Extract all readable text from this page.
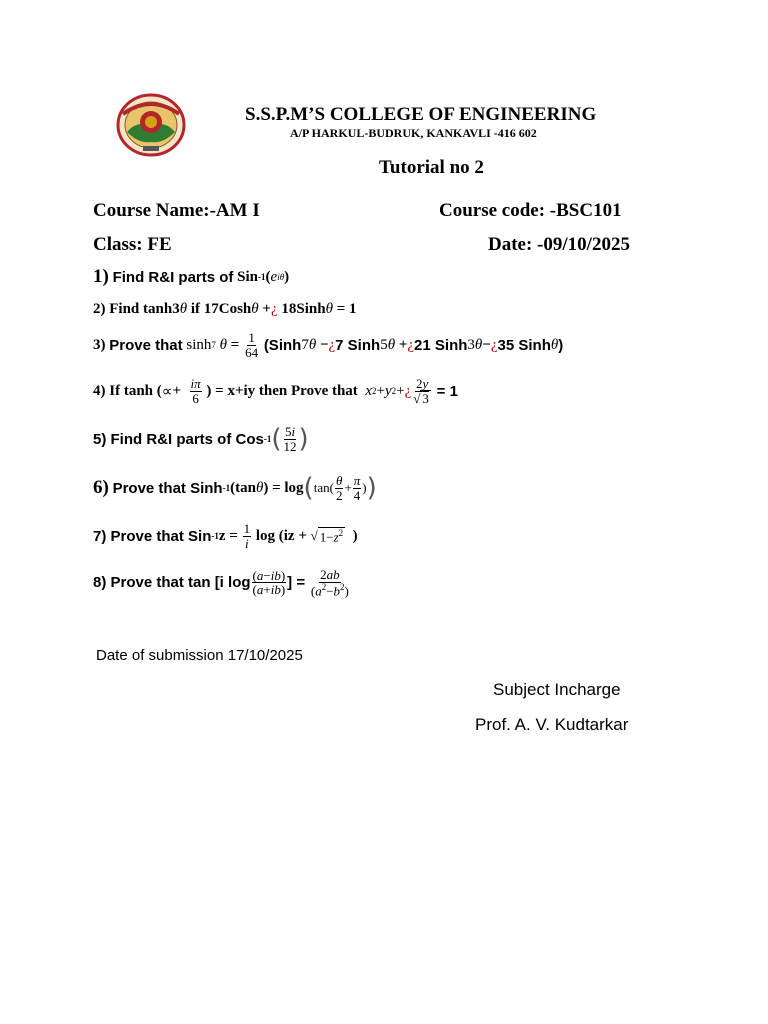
S.S.P.M’S COLLEGE OF ENGINEERING
A/P HARKUL-BUDRUK, KANKAVLI -416 602
Tutorial no 2
Course Name:-AM I	Course code: -BSC101
Class: FE	Date: -09/10/2025
1)
Find R&I parts of
Sin -1 ( e iθ )
2) Find tanh3 θ
if 17Cosh θ + ¿
18Sinh θ
= 1
3)
Prove that
sinh 7 $\theta = \frac{1}{64}$
(Sinh 7 θ − ¿ 7 Sinh 5 θ + ¿ 21 Sinh 3 θ − ¿ 35 Sinh θ )
4) If tanh ( ∝ + $\frac{i\pi}{6}$
) = x+iy then Prove that
x 2 + y 2 + ¿ $\frac{2y}{√ 3}$
= 1
5) Find R&I parts of Cos -1 ( $\frac{5i}{12}$ )
6)
Prove that Sinh -1 (tan θ ) = log ( tan ( $\frac{\theta}{2} + \frac{\pi}{4}$ ) )
7) Prove that Sin -1 z =
$\frac{1}{i}$
log (iz +
√ $1-z^2$
)
8) Prove that tan [i $\log \frac{(a-ib)}{(a+ib)}$ ] =
$\frac{2ab}{(a^2-b^2)}$
Date of submission 17/10/2025
Subject Incharge
Prof. A. V. Kudtarkar
